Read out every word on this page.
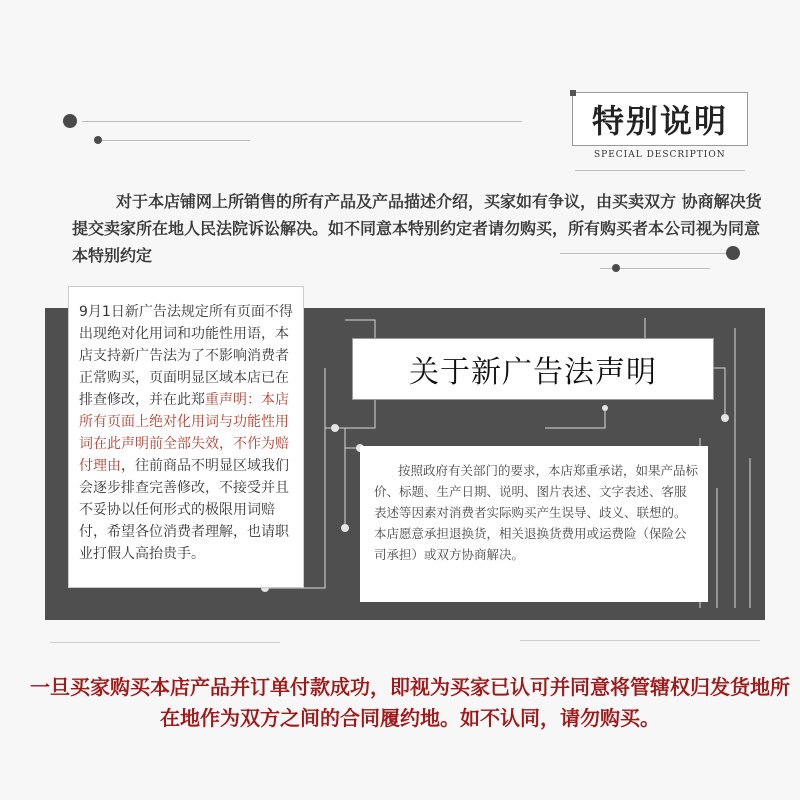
特别说明
SPECIAL DESCRIPTION

对于本店铺网上所销售的所有产品及产品描述介绍，买家如有争议，由买卖双方 协商解决货提交卖家所在地人民法院诉讼解决。如不同意本特别约定者请勿购买，所有购买者本公司视为同意本特别约定

9月1日新广告法规定所有页面不得出现绝对化用词和功能性用语，本店支持新广告法为了不影响消费者正常购买，页面明显区域本店已在排查修改，并在此郑重声明：本店所有页面上绝对化用词与功能性用词在此声明前全部失效，不作为赔付理由，往前商品不明显区域我们会逐步排查完善修改，不接受并且不妥协以任何形式的极限用词赔付，希望各位消费者理解，也请职业打假人高抬贵手。
关于新广告法声明
按照政府有关部门的要求，本店郑重承诺，如果产品标价、标题、生产日期、说明、图片表述、文字表述、客服表述等因素对消费者实际购买产生误导、歧义、联想的。本店愿意承担退换货，相关退换货费用或运费险（保险公司承担）或双方协商解决。
一旦买家购买本店产品并订单付款成功，即视为买家已认可并同意将管辖权归发货地所在地作为双方之间的合同履约地。如不认同，请勿购买。
